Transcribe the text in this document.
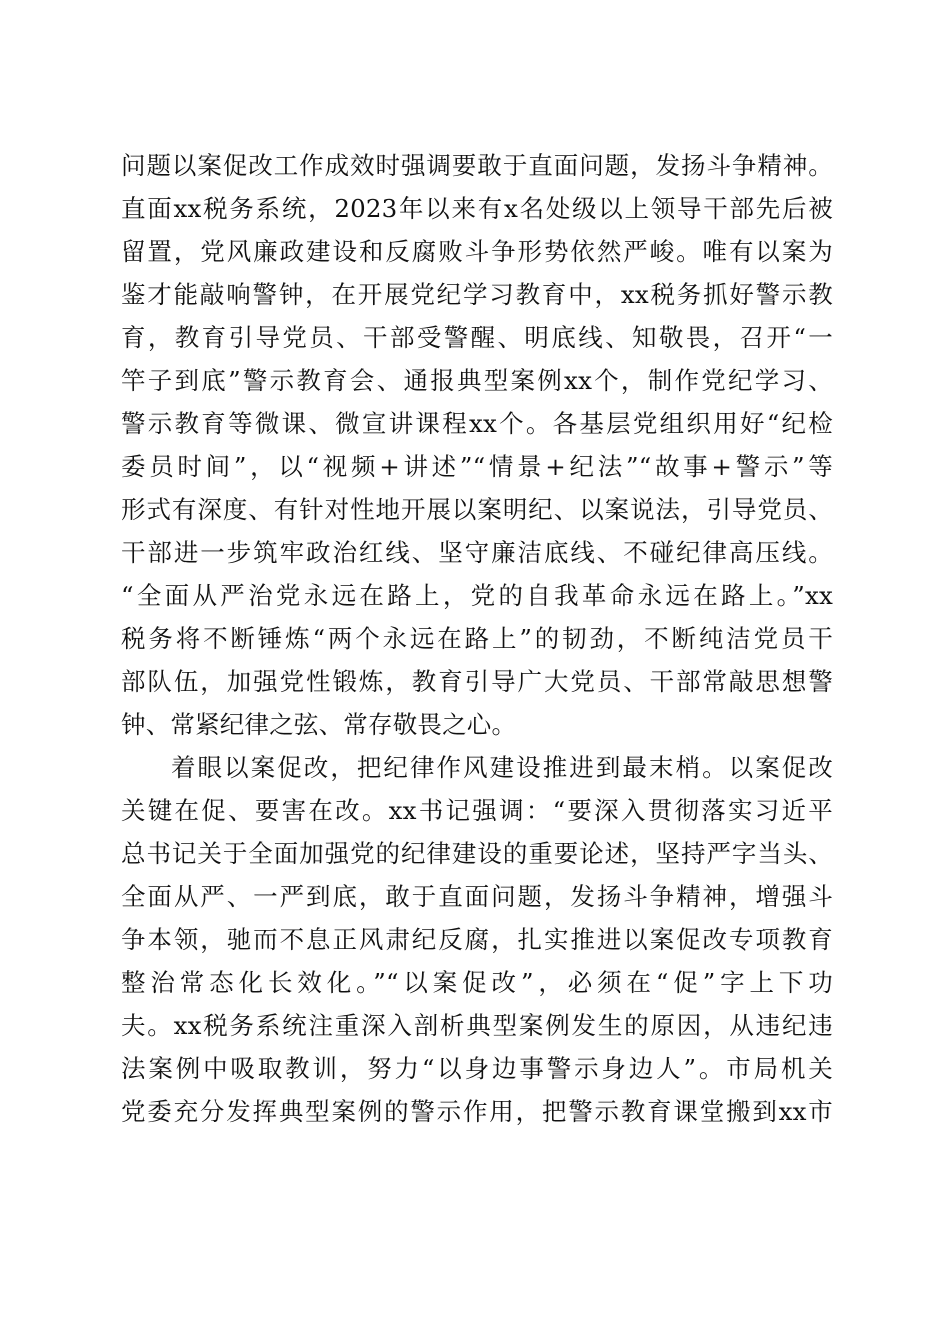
问题以案促改工作成效时强调要敢于直面问题，发扬斗争精神。
直面xx税务系统，2023年以来有x名处级以上领导干部先后被
留置，党风廉政建设和反腐败斗争形势依然严峻。唯有以案为
鉴才能敲响警钟，在开展党纪学习教育中，xx税务抓好警示教
育，教育引导党员、干部受警醒、明底线、知敬畏，召开“一
竿子到底”警示教育会、通报典型案例xx个，制作党纪学习、
警示教育等微课、微宣讲课程xx个。各基层党组织用好“纪检
委员时间”，以“视频+讲述”“情景+纪法”“故事+警示”等
形式有深度、有针对性地开展以案明纪、以案说法，引导党员、
干部进一步筑牢政治红线、坚守廉洁底线、不碰纪律高压线。
“全面从严治党永远在路上，党的自我革命永远在路上。”xx
税务将不断锤炼“两个永远在路上”的韧劲，不断纯洁党员干
部队伍，加强党性锻炼，教育引导广大党员、干部常敲思想警
钟、常紧纪律之弦、常存敬畏之心。
着眼以案促改，把纪律作风建设推进到最末梢。以案促改
关键在促、要害在改。xx书记强调：“要深入贯彻落实习近平
总书记关于全面加强党的纪律建设的重要论述，坚持严字当头、
全面从严、一严到底，敢于直面问题，发扬斗争精神，增强斗
争本领，驰而不息正风肃纪反腐，扎实推进以案促改专项教育
整治常态化长效化。”“以案促改”，必须在“促”字上下功
夫。xx税务系统注重深入剖析典型案例发生的原因，从违纪违
法案例中吸取教训，努力“以身边事警示身边人”。市局机关
党委充分发挥典型案例的警示作用，把警示教育课堂搬到xx市
